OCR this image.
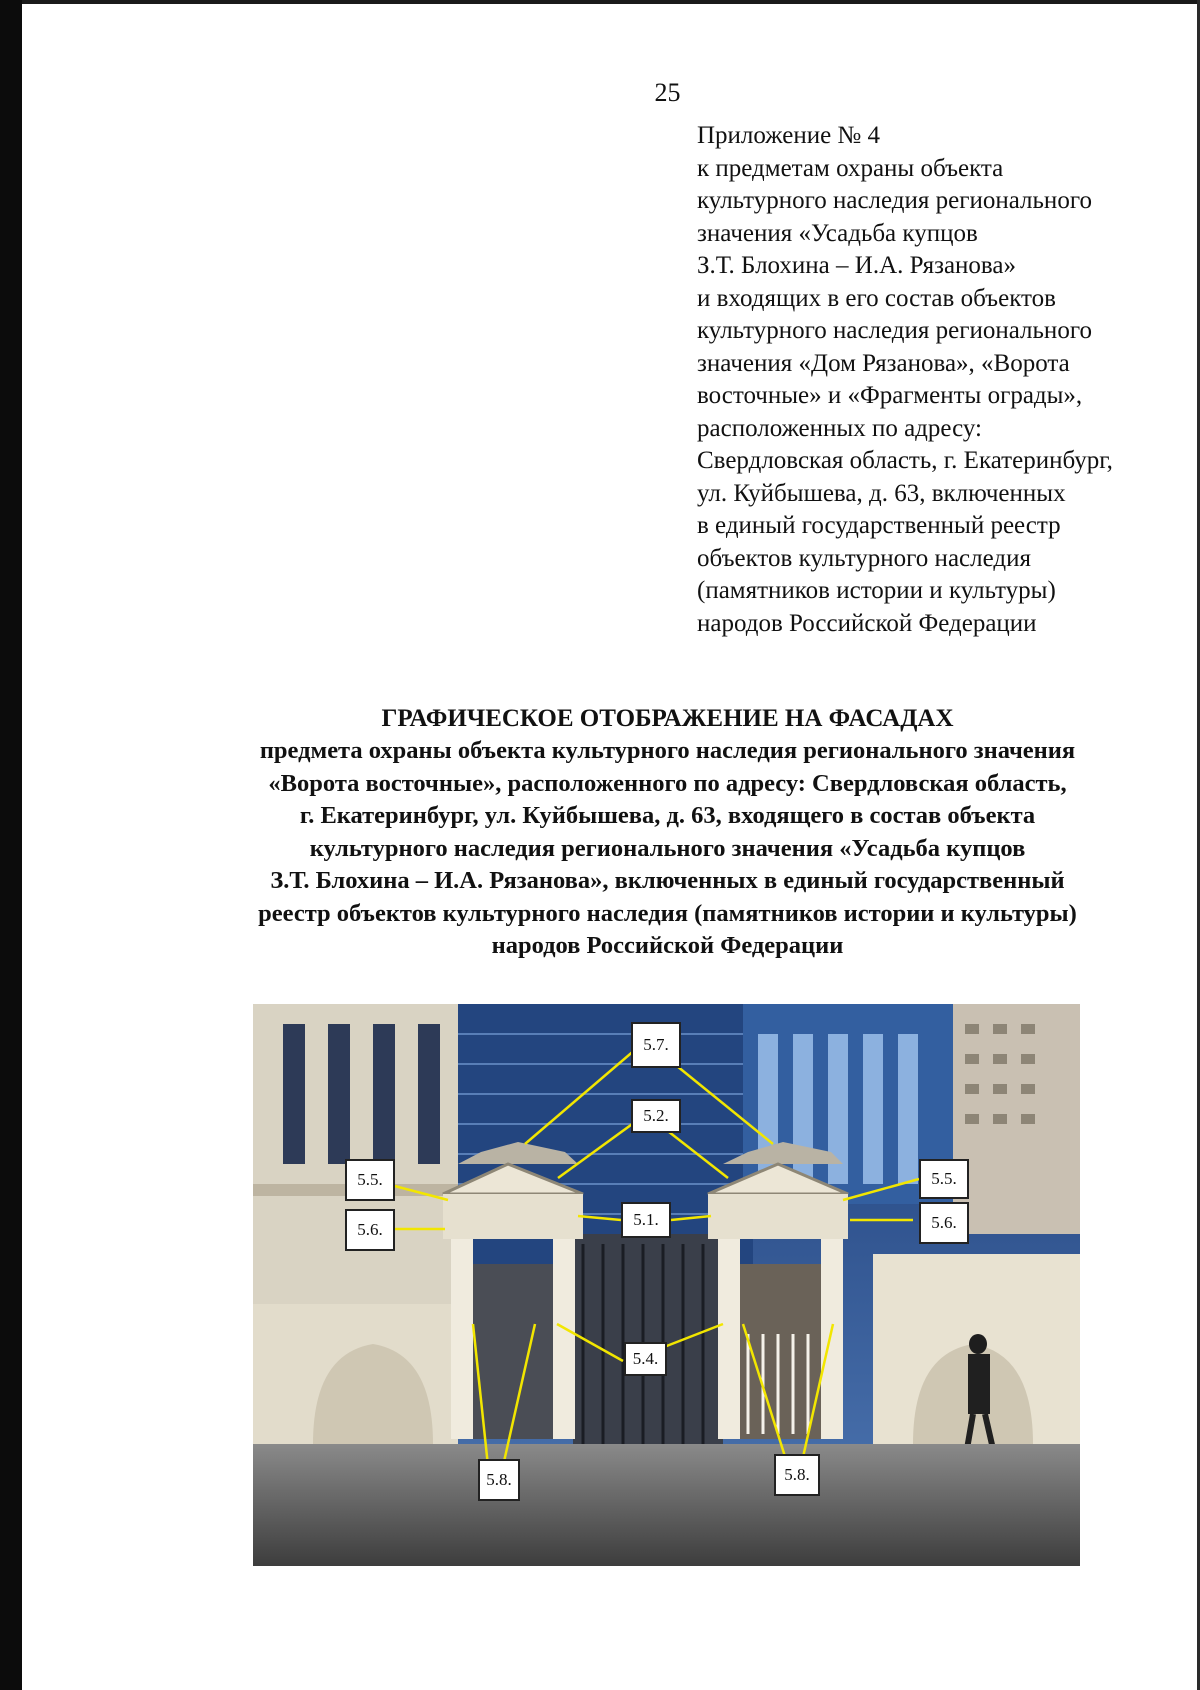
25
Приложение № 4
к предметам охраны объекта
культурного наследия регионального
значения «Усадьба купцов
З.Т. Блохина – И.А. Рязанова»
и входящих в его состав объектов
культурного наследия регионального
значения «Дом Рязанова», «Ворота
восточные» и «Фрагменты ограды»,
расположенных по адресу:
Свердловская область, г. Екатеринбург,
ул. Куйбышева, д. 63, включенных
в единый государственный реестр
объектов культурного наследия
(памятников истории и культуры)
народов Российской Федерации
ГРАФИЧЕСКОЕ ОТОБРАЖЕНИЕ НА ФАСАДАХ
предмета охраны объекта культурного наследия регионального значения
«Ворота восточные», расположенного по адресу: Свердловская область,
г. Екатеринбург, ул. Куйбышева, д. 63, входящего в состав объекта
культурного наследия регионального значения «Усадьба купцов
З.Т. Блохина – И.А. Рязанова», включенных в единый государственный
реестр объектов культурного наследия (памятников истории и культуры)
народов Российской Федерации
5.7.
5.2.
5.1.
5.5.
5.6.
5.5.
5.6.
5.4.
5.8.	5.8.
